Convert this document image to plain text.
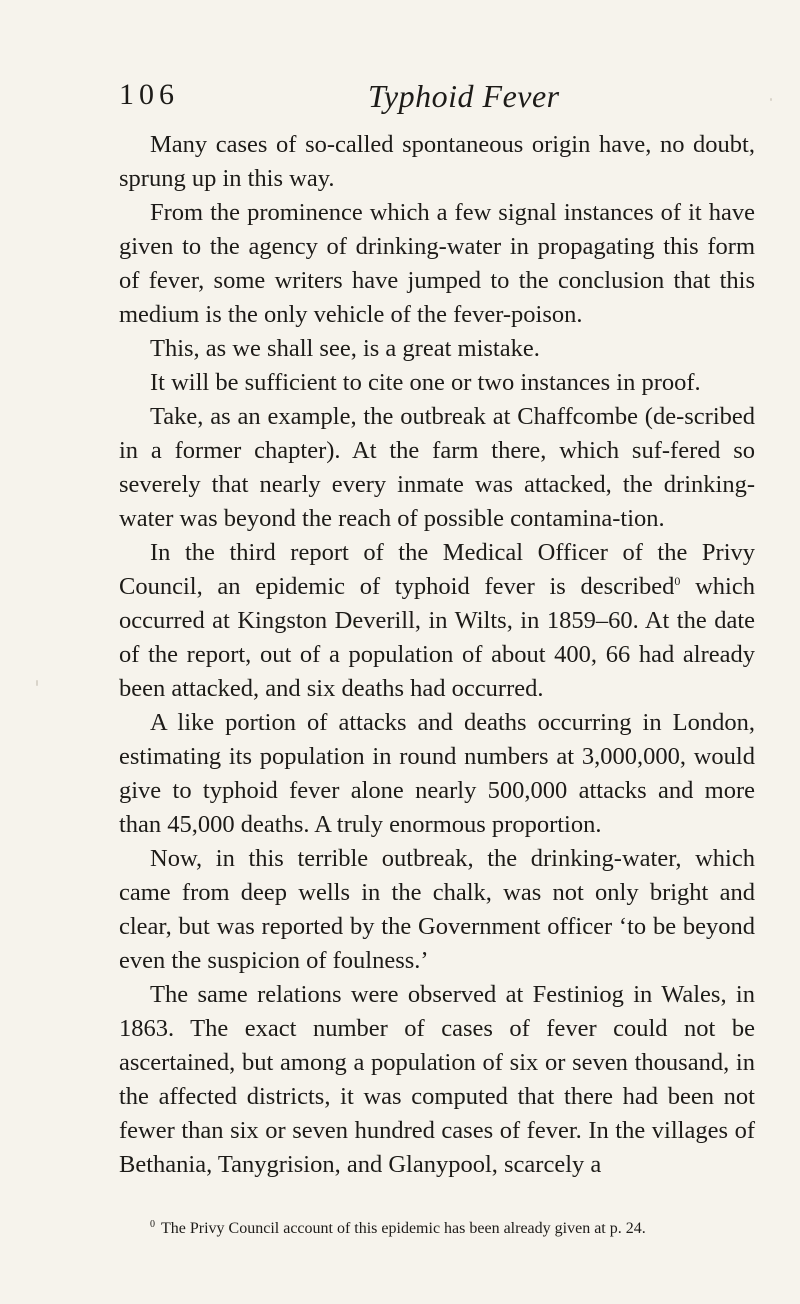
106	Typhoid Fever

Many cases of so-called spontaneous origin have, no doubt, sprung up in this way.

From the prominence which a few signal instances of it have given to the agency of drinking-water in propagating this form of fever, some writers have jumped to the conclusion that this medium is the only vehicle of the fever-poison.

This, as we shall see, is a great mistake.

It will be sufficient to cite one or two instances in proof.

Take, as an example, the outbreak at Chaffcombe (de-scribed in a former chapter). At the farm there, which suf-fered so severely that nearly every inmate was attacked, the drinking-water was beyond the reach of possible contamina-tion.

In the third report of the Medical Officer of the Privy Council, an epidemic of typhoid fever is described$^0$ which occurred at Kingston Deverill, in Wilts, in 1859–60. At the date of the report, out of a population of about 400, 66 had already been attacked, and six deaths had occurred.

A like portion of attacks and deaths occurring in London, estimating its population in round numbers at 3,000,000, would give to typhoid fever alone nearly 500,000 attacks and more than 45,000 deaths. A truly enormous proportion.

Now, in this terrible outbreak, the drinking-water, which came from deep wells in the chalk, was not only bright and clear, but was reported by the Government officer ‘to be beyond even the suspicion of foulness.’

The same relations were observed at Festiniog in Wales, in 1863. The exact number of cases of fever could not be ascertained, but among a population of six or seven thousand, in the affected districts, it was computed that there had been not fewer than six or seven hundred cases of fever. In the villages of Bethania, Tanygrision, and Glanypool, scarcely a

$^0$ The Privy Council account of this epidemic has been already given at p. 24.
